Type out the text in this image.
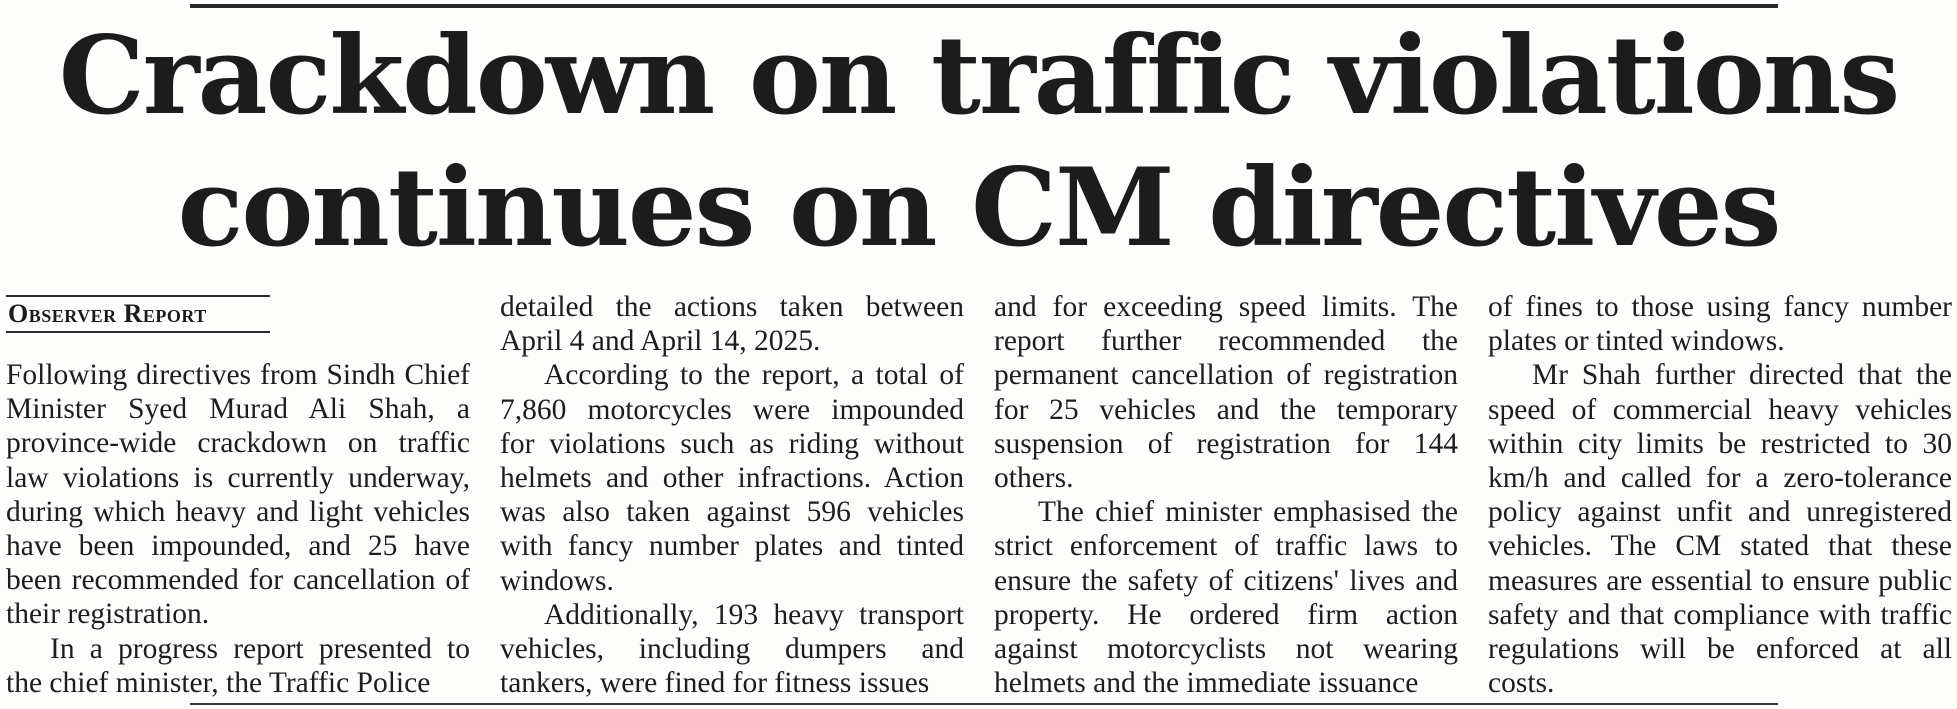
Crackdown on traffic violations continues on CM directives
Observer Report

Following directives from Sindh Chief Minister Syed Murad Ali Shah, a province-wide crackdown on traffic law violations is currently underway, during which heavy and light vehicles have been impounded, and 25 have been recommended for cancellation of their registration.

In a progress report presented to the chief minister, the Traffic Police

detailed the actions taken between April 4 and April 14, 2025.

According to the report, a total of 7,860 motorcycles were impounded for violations such as riding without helmets and other infractions. Action was also taken against 596 vehicles with fancy number plates and tinted windows.

Additionally, 193 heavy transport vehicles, including dumpers and tankers, were fined for fitness issues

and for exceeding speed limits. The report further recommended the permanent cancellation of registration for 25 vehicles and the temporary suspension of registration for 144 others.

The chief minister emphasised the strict enforcement of traffic laws to ensure the safety of citizens' lives and property. He ordered firm action against motorcyclists not wearing helmets and the immediate issuance

of fines to those using fancy number plates or tinted windows.

Mr Shah further directed that the speed of commercial heavy vehicles within city limits be restricted to 30 km/h and called for a zero-tolerance policy against unfit and unregistered vehicles. The CM stated that these measures are essential to ensure public safety and that compliance with traffic regulations will be enforced at all costs.
